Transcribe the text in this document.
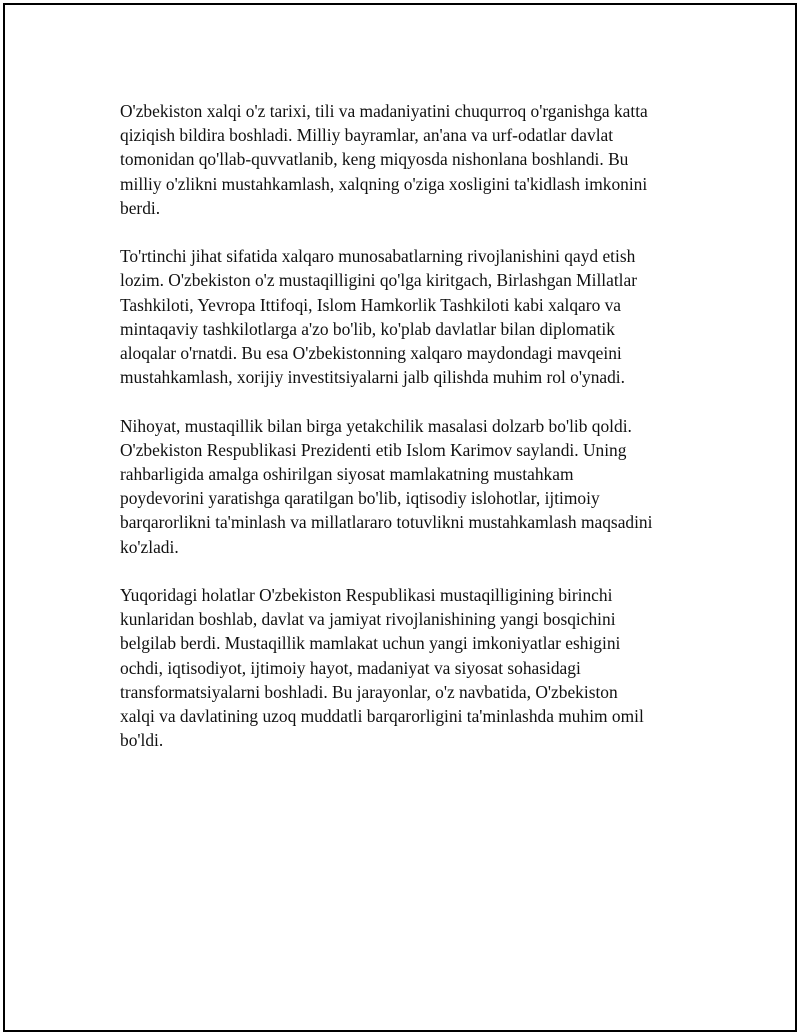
O'zbekiston xalqi o'z tarixi, tili va madaniyatini chuqurroq o'rganishga katta
qiziqish bildira boshladi. Milliy bayramlar, an'ana va urf-odatlar davlat
tomonidan qo'llab-quvvatlanib, keng miqyosda nishonlana boshlandi. Bu
milliy o'zlikni mustahkamlash, xalqning o'ziga xosligini ta'kidlash imkonini
berdi.

To'rtinchi jihat sifatida xalqaro munosabatlarning rivojlanishini qayd etish
lozim. O'zbekiston o'z mustaqilligini qo'lga kiritgach, Birlashgan Millatlar
Tashkiloti, Yevropa Ittifoqi, Islom Hamkorlik Tashkiloti kabi xalqaro va
mintaqaviy tashkilotlarga a'zo bo'lib, ko'plab davlatlar bilan diplomatik
aloqalar o'rnatdi. Bu esa O'zbekistonning xalqaro maydondagi mavqeini
mustahkamlash, xorijiy investitsiyalarni jalb qilishda muhim rol o'ynadi.

Nihoyat, mustaqillik bilan birga yetakchilik masalasi dolzarb bo'lib qoldi.
O'zbekiston Respublikasi Prezidenti etib Islom Karimov saylandi. Uning
rahbarligida amalga oshirilgan siyosat mamlakatning mustahkam
poydevorini yaratishga qaratilgan bo'lib, iqtisodiy islohotlar, ijtimoiy
barqarorlikni ta'minlash va millatlararo totuvlikni mustahkamlash maqsadini
ko'zladi.

Yuqoridagi holatlar O'zbekiston Respublikasi mustaqilligining birinchi
kunlaridan boshlab, davlat va jamiyat rivojlanishining yangi bosqichini
belgilab berdi. Mustaqillik mamlakat uchun yangi imkoniyatlar eshigini
ochdi, iqtisodiyot, ijtimoiy hayot, madaniyat va siyosat sohasidagi
transformatsiyalarni boshladi. Bu jarayonlar, o'z navbatida, O'zbekiston
xalqi va davlatining uzoq muddatli barqarorligini ta'minlashda muhim omil
bo'ldi.
